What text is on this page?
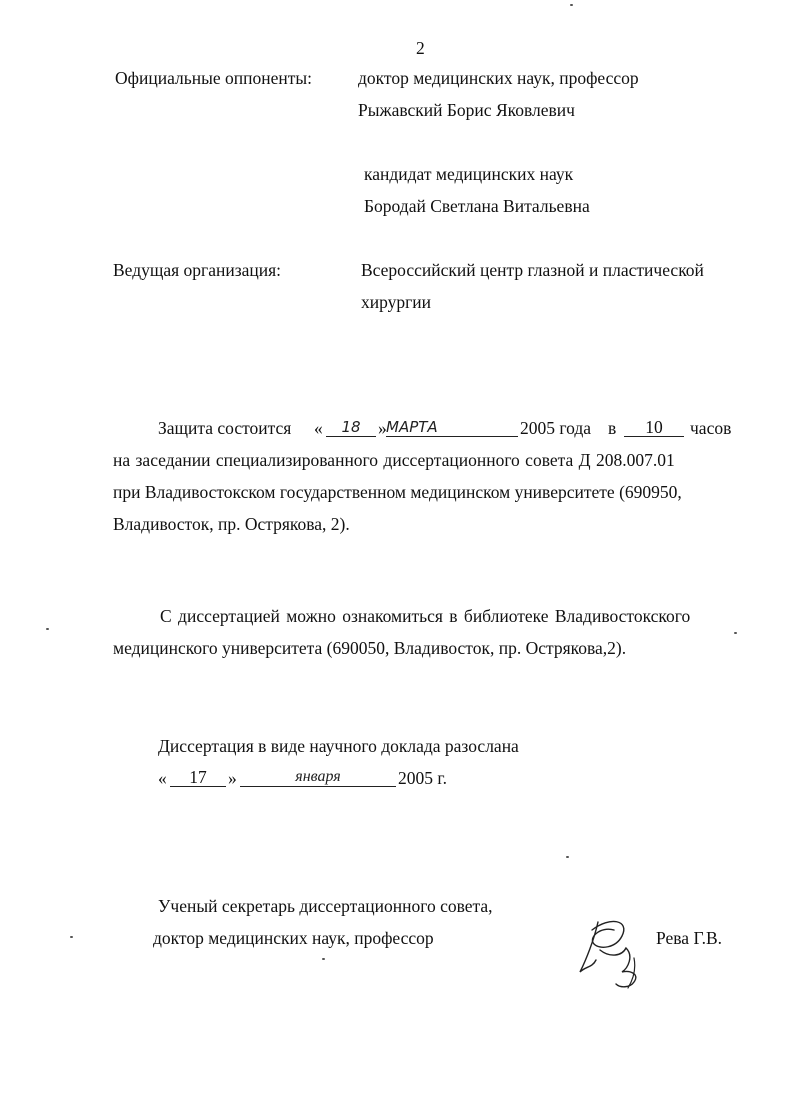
2
Официальные оппоненты:	доктор медицинских наук, профессор
Рыжавский Борис Яковлевич
кандидат медицинских наук
Бородай Светлана Витальевна
Ведущая организация:	Всероссийский центр глазной и пластической
хирургии
Защита состоится «	18 » МАРТА	2005 года в	10	часов
на заседании специализированного диссертационного совета Д 208.007.01
при Владивостокском государственном медицинском университете (690950,
Владивосток, пр. Острякова, 2).
С диссертацией можно ознакомиться в библиотеке Владивостокского
медицинского университета (690050, Владивосток, пр. Острякова,2).
Диссертация в виде научного доклада разослана
«	17	»	января	2005 г.
Ученый секретарь диссертационного совета,
доктор медицинских наук, профессор	Рева Г.В.
